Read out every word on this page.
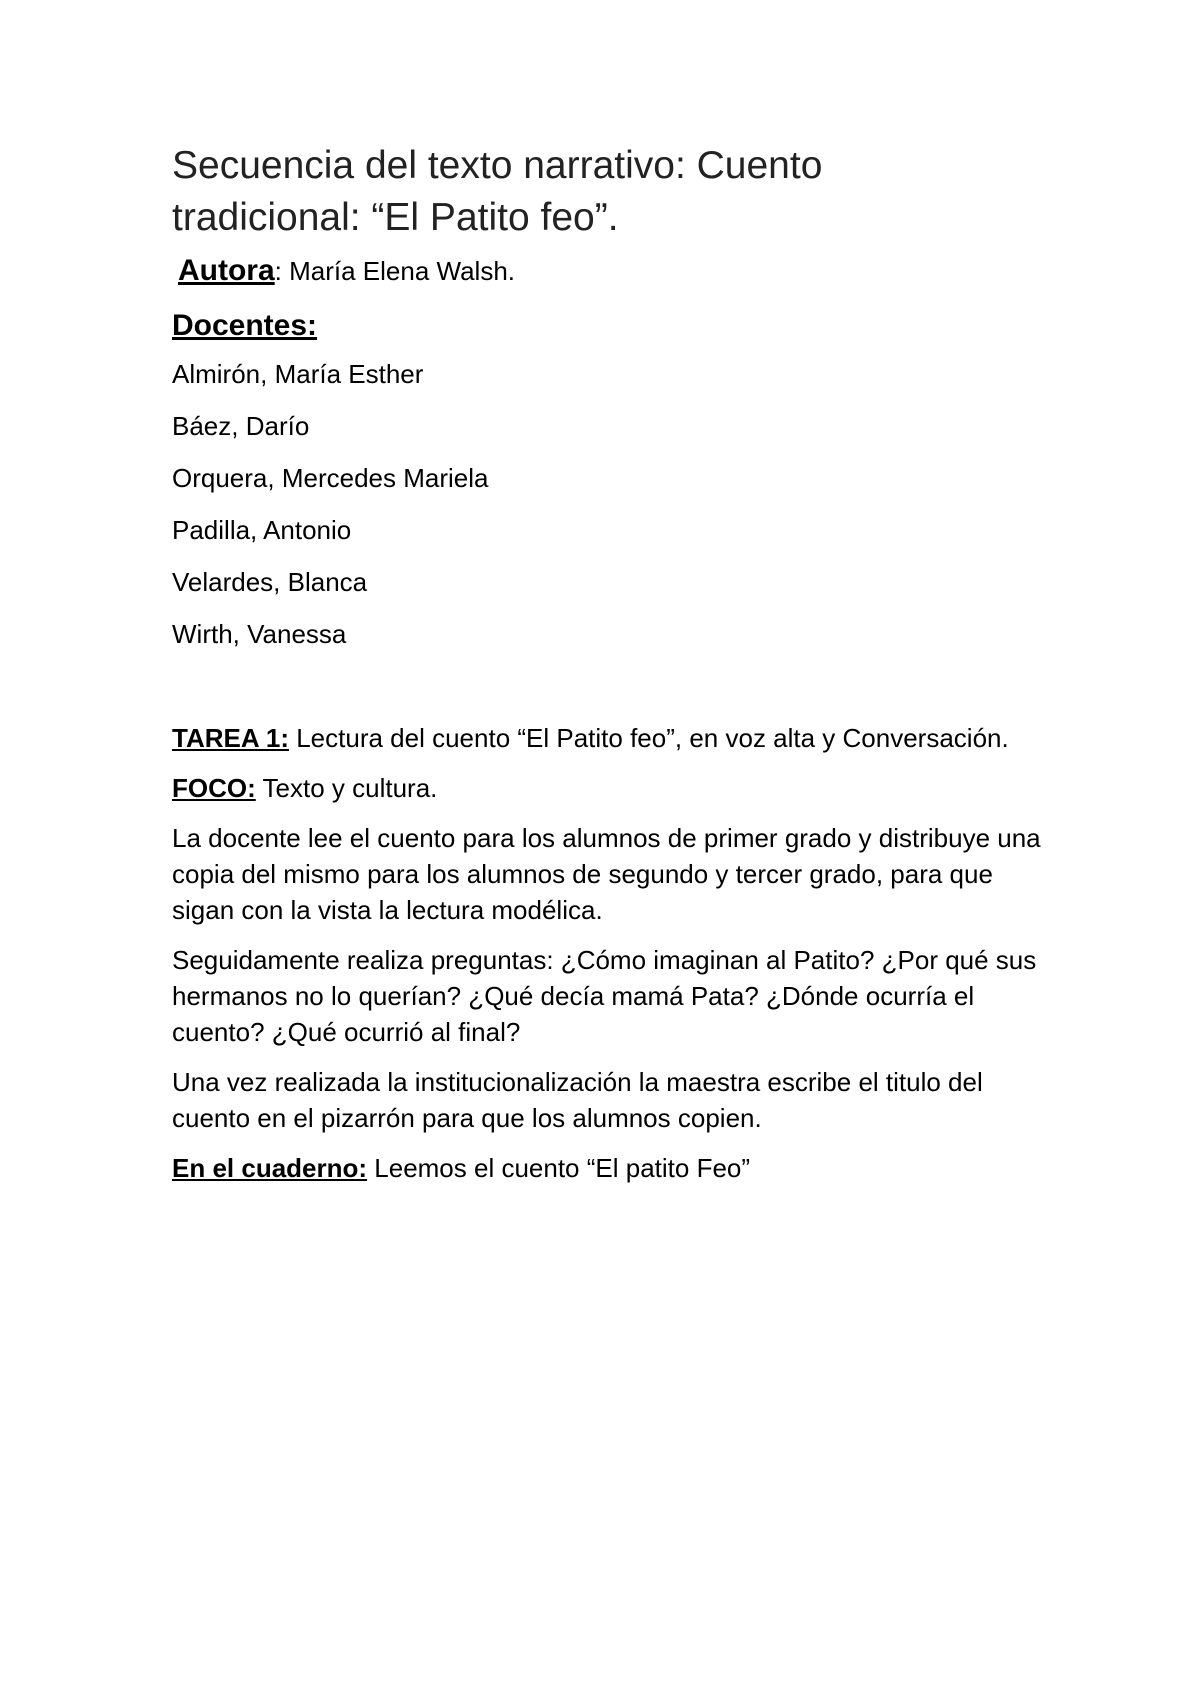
Secuencia del texto narrativo: Cuento
tradicional: “El Patito feo”.

Autora: María Elena Walsh.

Docentes:

Almirón, María Esther
Báez, Darío
Orquera, Mercedes Mariela
Padilla, Antonio
Velardes, Blanca
Wirth, Vanessa

TAREA 1: Lectura del cuento “El Patito feo”, en voz alta y Conversación.

FOCO: Texto y cultura.

La docente lee el cuento para los alumnos de primer grado y distribuye una copia del mismo para los alumnos de segundo y tercer grado, para que sigan con la vista la lectura modélica.

Seguidamente realiza preguntas: ¿Cómo imaginan al Patito? ¿Por qué sus hermanos no lo querían? ¿Qué decía mamá Pata? ¿Dónde ocurría el cuento? ¿Qué ocurrió al final?

Una vez realizada la institucionalización la maestra escribe el titulo del cuento en el pizarrón para que los alumnos copien.

En el cuaderno: Leemos el cuento “El patito Feo”
